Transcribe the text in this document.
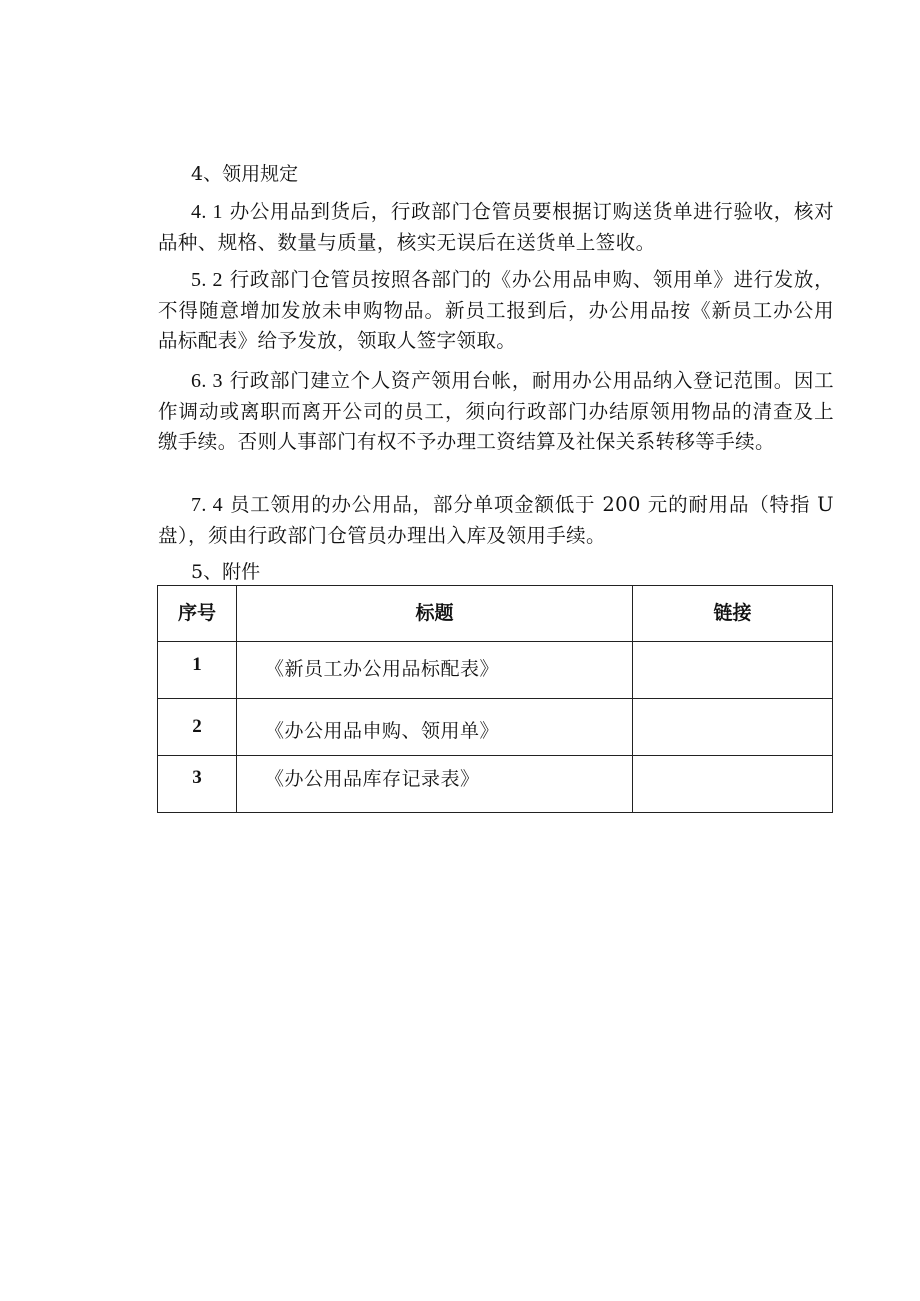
4、领用规定

4. 1 办公用品到货后，行政部门仓管员要根据订购送货单进行验收，核对品种、规格、数量与质量，核实无误后在送货单上签收。

5. 2 行政部门仓管员按照各部门的《办公用品申购、领用单》进行发放，不得随意增加发放未申购物品。新员工报到后，办公用品按《新员工办公用品标配表》给予发放，领取人签字领取。

6. 3 行政部门建立个人资产领用台帐，耐用办公用品纳入登记范围。因工作调动或离职而离开公司的员工，须向行政部门办结原领用物品的清查及上缴手续。否则人事部门有权不予办理工资结算及社保关系转移等手续。

7. 4 员工领用的办公用品，部分单项金额低于 200 元的耐用品（特指 U 盘），须由行政部门仓管员办理出入库及领用手续。

5、附件

序号	标题	链接
1	《新员工办公用品标配表》	
2	《办公用品申购、领用单》	
3	《办公用品库存记录表》	
